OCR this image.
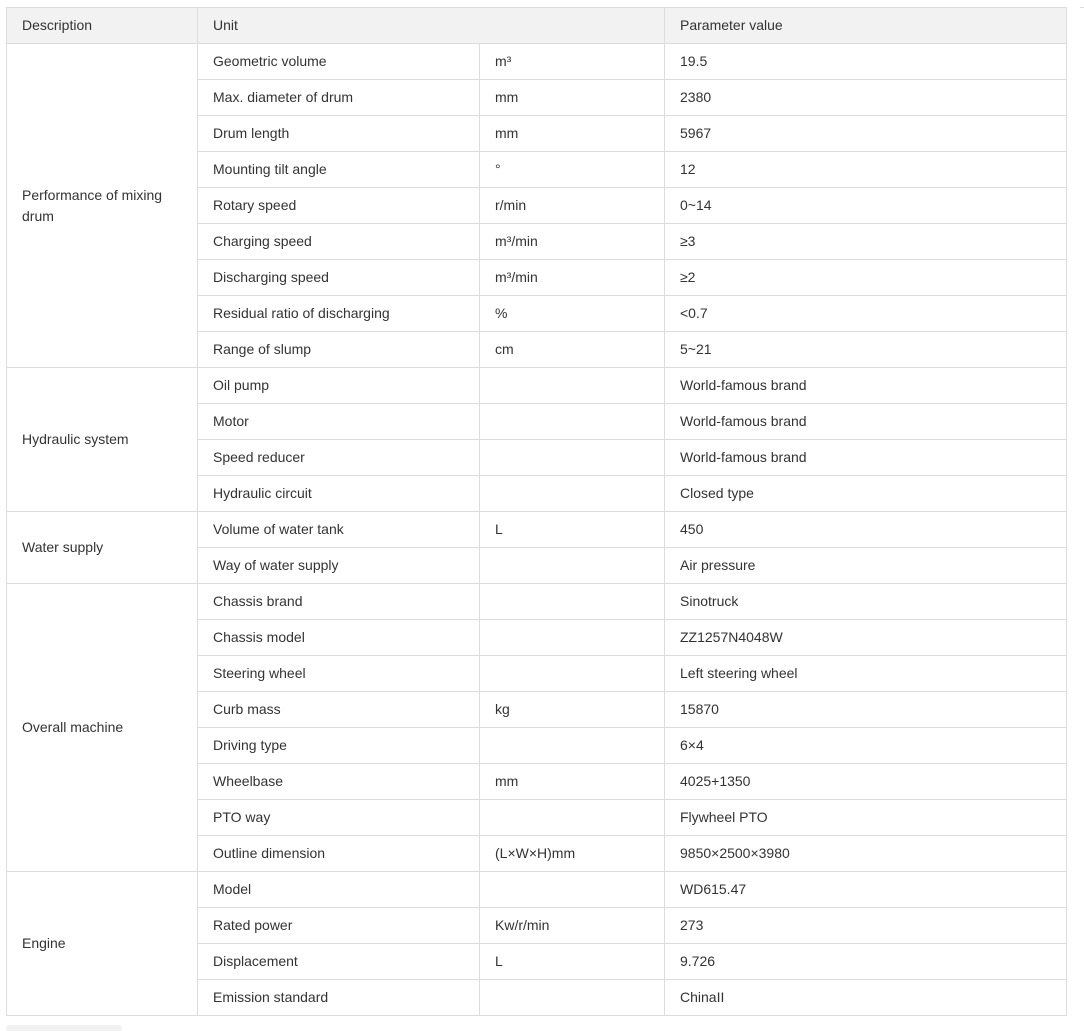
Description	Unit		Parameter value
Performance of mixing drum	Geometric volume	m³	19.5
	Max. diameter of drum	mm	2380
	Drum length	mm	5967
	Mounting tilt angle	°	12
	Rotary speed	r/min	0~14
	Charging speed	m³/min	≥3
	Discharging speed	m³/min	≥2
	Residual ratio of discharging	%	<0.7
	Range of slump	cm	5~21
Hydraulic system	Oil pump		World-famous brand
	Motor		World-famous brand
	Speed reducer		World-famous brand
	Hydraulic circuit		Closed type
Water supply	Volume of water tank	L	450
	Way of water supply		Air pressure
Overall machine	Chassis brand		Sinotruck
	Chassis model		ZZ1257N4048W
	Steering wheel		Left steering wheel
	Curb mass	kg	15870
	Driving type		6×4
	Wheelbase	mm	4025+1350
	PTO way		Flywheel PTO
	Outline dimension	(L×W×H)mm	9850×2500×3980
Engine	Model		WD615.47
	Rated power	Kw/r/min	273
	Displacement	L	9.726
	Emission standard		ChinaII
